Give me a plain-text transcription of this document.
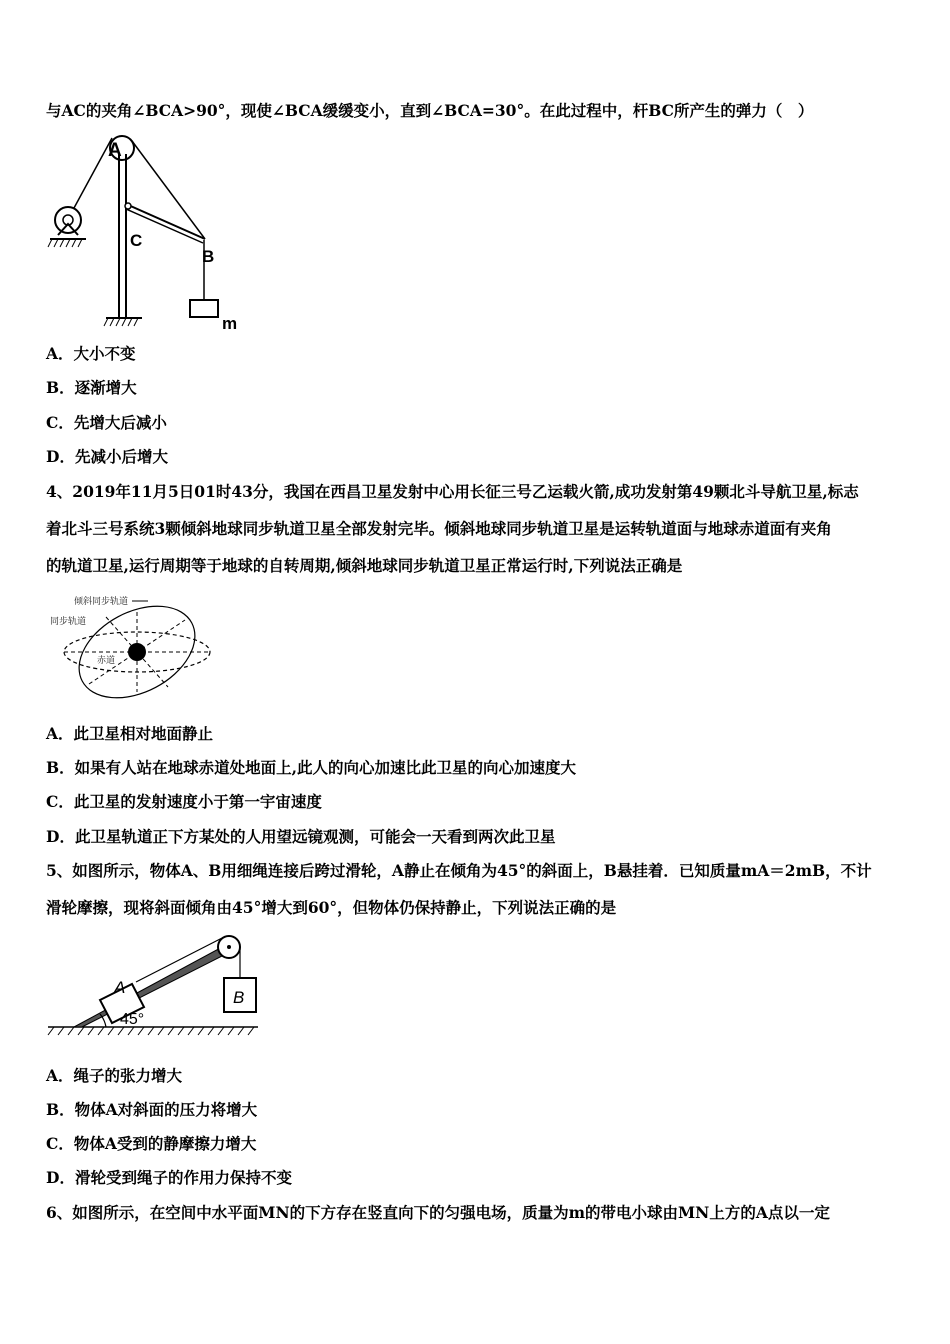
与AC的夹角∠BCA>90°，现使∠BCA缓缓变小，直到∠BCA=30°。在此过程中，杆BC所产生的弹力（　）
A
C
B
m
A．大小不变
B．逐渐增大
C．先增大后减小
D．先减小后增大
4、2019年11月5日01时43分，我国在西昌卫星发射中心用长征三号乙运载火箭,成功发射第49颗北斗导航卫星,标志
着北斗三号系统3颗倾斜地球同步轨道卫星全部发射完毕。倾斜地球同步轨道卫星是运转轨道面与地球赤道面有夹角
的轨道卫星,运行周期等于地球的自转周期,倾斜地球同步轨道卫星正常运行时,下列说法正确是
倾斜同步轨道
同步轨道
赤道
A．此卫星相对地面静止
B．如果有人站在地球赤道处地面上,此人的向心加速比此卫星的向心加速度大
C．此卫星的发射速度小于第一宇宙速度
D．此卫星轨道正下方某处的人用望远镜观测，可能会一天看到两次此卫星
5、如图所示，物体A、B用细绳连接后跨过滑轮，A静止在倾角为45°的斜面上，B悬挂着．已知质量mA＝2mB，不计
滑轮摩擦，现将斜面倾角由45°增大到60°，但物体仍保持静止，下列说法正确的是
A
B
45°
A．绳子的张力增大
B．物体A对斜面的压力将增大
C．物体A受到的静摩擦力增大
D．滑轮受到绳子的作用力保持不变
6、如图所示，在空间中水平面MN的下方存在竖直向下的匀强电场，质量为m的带电小球由MN上方的A点以一定
